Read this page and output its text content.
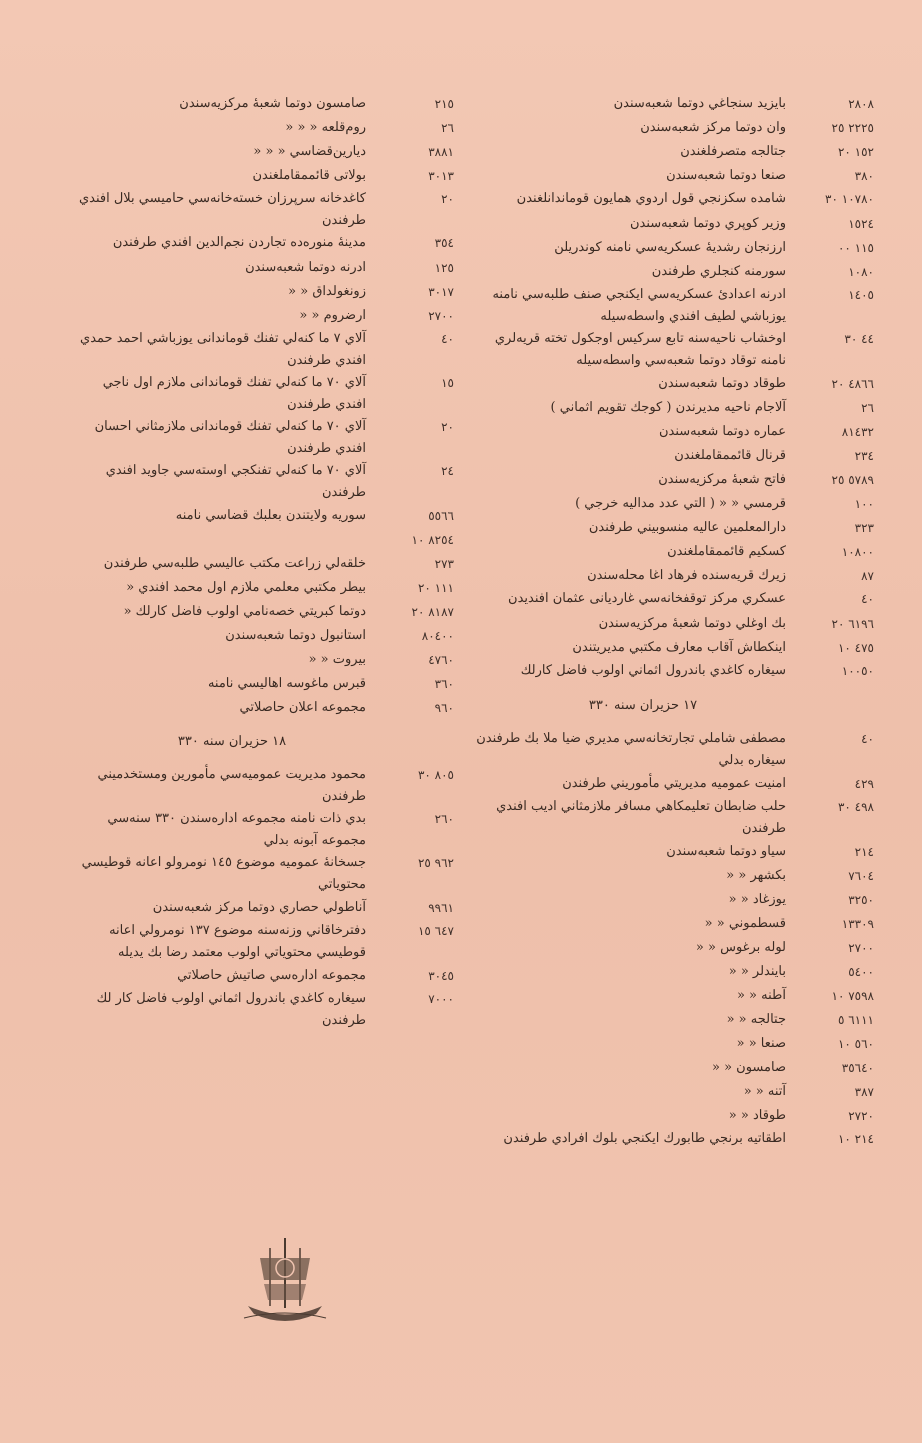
٢٨٠٨
بايزيد سنجاغي دوتما شعبه‌سندن
٢٢٢٥ ٢٥
وان دوتما مركز شعبه‌سندن
١٥٢ ٢٠
جتالجه متصرفلغندن
٣٨٠
صنعا دوتما شعبه‌سندن
١٠٧٨٠ ٣٠
شامده سكزنجي قول اردوي همايون قوماندانلغندن
١٥٢٤
وزير كوپري دوتما شعبه‌سندن
١١٥ ٠٠
ارزنجان رشديهٔ عسكريه‌سي نامنه كوندريلن
١٠٨٠
سورمنه كنجلري طرفندن
١٤٠٥
ادرنه اعدادئ عسكريه‌سي ايكنجي صنف طلبه‌سي نامنه يوزباشي لطيف افندي واسطه‌سيله
٤٤ ٣٠
اوخشاب ناحيه‌سنه تابع سركيس اوجكول تخته قريه‌لري نامنه توقاد دوتما شعبه‌سي واسطه‌سيله
٤٨٦٦ ٢٠
طوقاد دوتما شعبه‌سندن
٢٦
آلاجام ناحيه مديرندن ( كوجك تقويم اثماني )
٨١٤٣٢
عماره دوتما شعبه‌سندن
٢٣٤
قرنال قائممقاملغندن
٥٧٨٩ ٢٥
فاتح شعبهٔ مركزيه‌سندن
١٠٠
قرمسي « « ( التي عدد مداليه خرجي )
٣٢٣
دارالمعلمين عاليه منسوبيني طرفندن
١٠٨٠٠
كسكيم قائممقاملغندن
٨٧
زيرك قريه‌سنده فرهاد اغا محله‌سندن
٤٠
عسكري مركز توقفخانه‌سي غارديانى عثمان افنديدن
٦١٩٦ ٢٠
بك اوغلي دوتما شعبهٔ مركزيه‌سندن
٤٧٥ ١٠
اينكطاش آقاب معارف مكتبي مديريتندن
١٠٠٥٠
سيغاره كاغدي باندرول اثماني اولوب فاضل كارلك
١٧ حزيران سنه ٣٣٠
٤٠
مصطفى شاملي تجارتخانه‌سي مديري ضيا ملا بك طرفندن سيغاره بدلي
٤٢٩
امنيت عموميه مديريتي مأموريني طرفندن
٤٩٨ ٣٠
حلب ضابطان تعليمكاهي مسافر ملازمثاني اديب افندي طرفندن
٢١٤
سياو دوتما شعبه‌سندن
٧٦٠٤
بكشهر « «
٣٢٥٠
يوزغاد « «
١٣٣٠٩
قسطموني « «
٢٧٠٠
لوله برغوس « «
٥٤٠٠
بايندلر « «
٧٥٩٨ ١٠
آطنه « «
٦١١١ ٥
جتالجه « «
٥٦٠ ١٠
صنعا « «
٣٥٦٤٠
صامسون « «
٣٨٧
آتنه « «
٢٧٢٠
طوقاد « «
٢١٤ ١٠
اطقاتيه برنجي طابورك ايكنجي بلوك افرادي طرفندن
٢١٥
صامسون دوتما شعبهٔ مركزيه‌سندن
٢٦
روم‌قلعه « « «
٣٨٨١
ديارين‌قضاسي « « «
٣٠١٣
بولاتى قائممقاملغندن
٢٠
كاغدخانه سرپرزان خسته‌خانه‌سي حاميسي بلال افندي طرفندن
٣٥٤
مدينهٔ منوره‌ده تجاردن نجم‌الدين افندي طرفندن
١٢٥
ادرنه دوتما شعبه‌سندن
٣٠١٧
زونغولداق « «
٢٧٠٠
ارضروم « «
٤٠
آلاي ٧ ما كنه‌لي تفنك قوماندانى يوزباشي احمد حمدي افندي طرفندن
١٥
آلاي ٧٠ ما كنه‌لي تفنك قوماندانى ملازم اول ناجي افندي طرفندن
٢٠
آلاي ٧٠ ما كنه‌لي تفنك قوماندانى ملازمثاني احسان افندي طرفندن
٢٤
آلاي ٧٠ ما كنه‌لي تفنكجي اوسته‌سي جاويد افندي طرفندن
٥٥٦٦
سوريه ولايتندن بعلبك قضاسي نامنه
٨٢٥٤ ١٠
٢٧٣
خلقه‌لي زراعت مكتب عاليسي طلبه‌سي طرفندن
١١١ ٢٠
بيطر مكتبي معلمي ملازم اول محمد افندي «
٨١٨٧ ٢٠
دوتما كبريتي خصه‌نامي اولوب فاضل كارلك «
٨٠٤٠٠
استانبول دوتما شعبه‌سندن
٤٧٦٠
بيروت « «
٣٦٠
قبرس ماغوسه اهاليسي نامنه
٩٦٠
مجموعه اعلان حاصلاتي
١٨ حزيران سنه ٣٣٠
٨٠٥ ٣٠
محمود مديريت عموميه‌سي مأمورين ومستخدميني طرفندن
٢٦٠
بدي ذات نامنه مجموعه اداره‌سندن ٣٣٠ سنه‌سي مجموعه آبونه بدلي
٩٦٢ ٢٥
جسخانهٔ عموميه موضوع ١٤٥ نومرولو اعانه قوطيسي محتوياتي
٩٩٦١
آناطولي حصاري دوتما مركز شعبه‌سندن
٦٤٧ ١٥
دفترخاقاني وزنه‌سنه موضوع ١٣٧ نومرولي اعانه قوطيسي محتوياتي اولوب معتمد رضا بك يديله
٣٠٤٥
مجموعه اداره‌سي صاتيش حاصلاتي
٧٠٠٠
سيغاره كاغدي باندرول اثماني اولوب فاضل كار لك طرفندن
